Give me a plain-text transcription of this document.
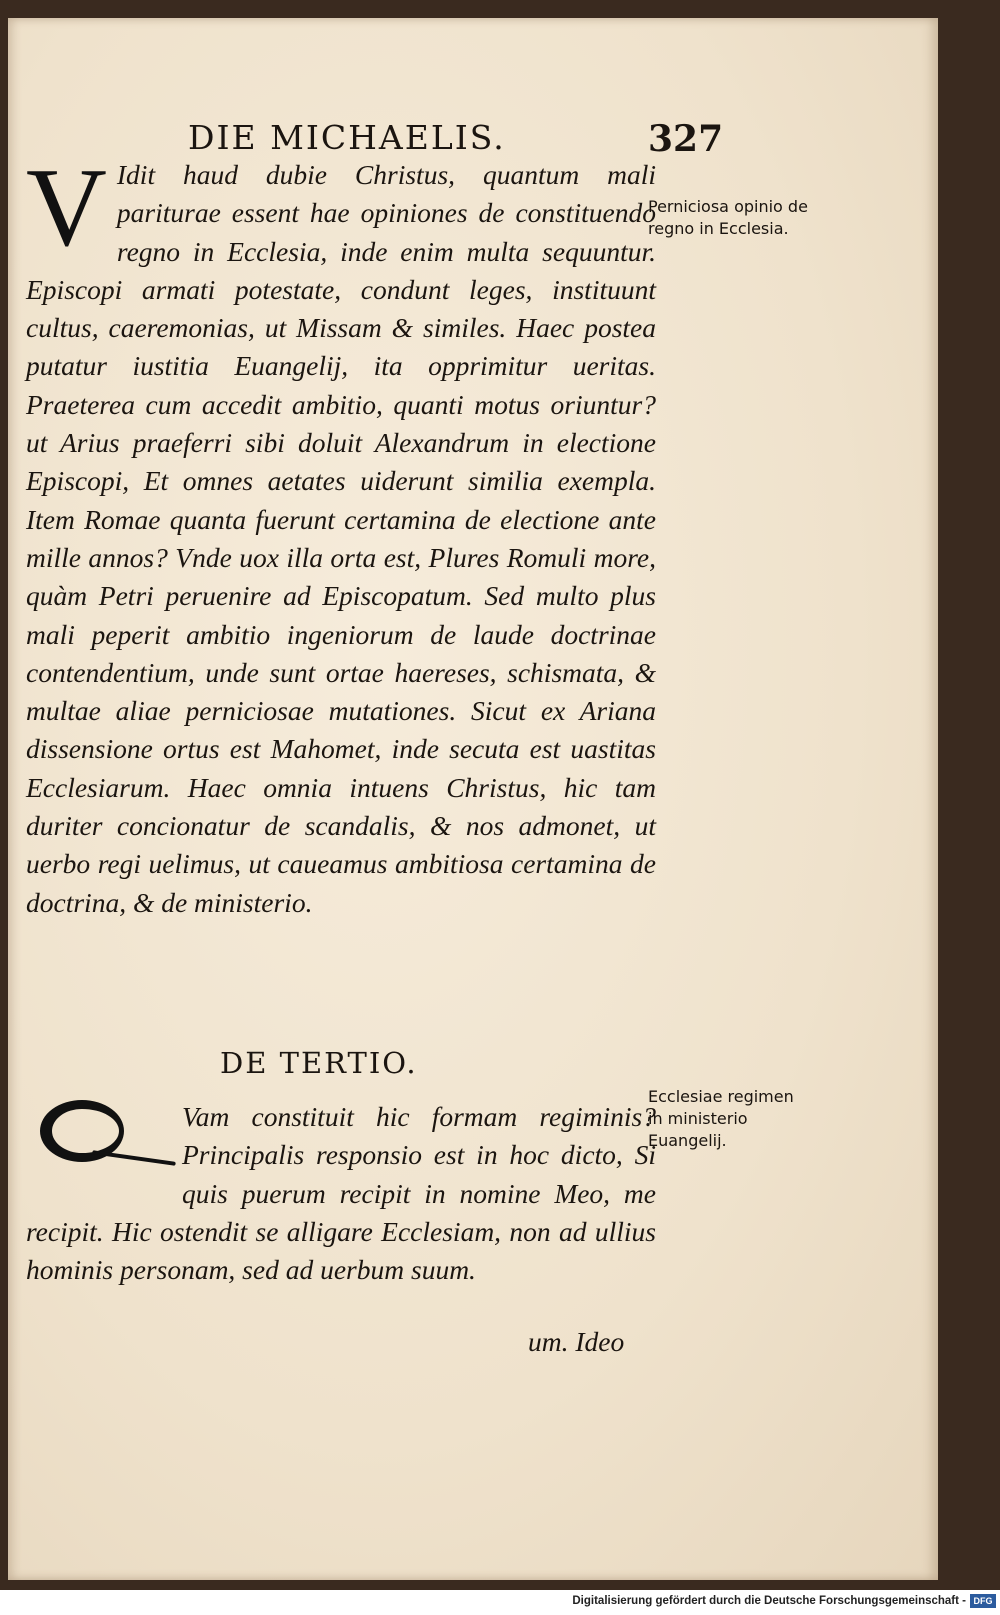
DIE MICHAELIS.	327
V Idit haud dubie Christus, quantum mali pariturae essent hae opiniones de constituendo regno in Ecclesia, inde enim multa sequuntur. Episcopi armati potestate, condunt leges, instituunt cultus, caeremonias, ut Missam & similes. Haec postea putatur iustitia Euangelij, ita opprimitur ueritas. Praeterea cum accedit ambitio, quanti motus oriuntur? ut Arius praeferri sibi doluit Alexandrum in electione Episcopi, Et omnes aetates uiderunt similia exempla. Item Romae quanta fuerunt certamina de electione ante mille annos? Vnde uox illa orta est, Plures Romuli more, quàm Petri peruenire ad Episcopatum. Sed multo plus mali peperit ambitio ingeniorum de laude doctrinae contendentium, unde sunt ortae haereses, schismata, & multae aliae perniciosae mutationes. Sicut ex Ariana dissensione ortus est Mahomet, inde secuta est uastitas Ecclesiarum. Haec omnia intuens Christus, hic tam duriter concionatur de scandalis, & nos admonet, ut uerbo regi uelimus, ut caueamus ambitiosa certamina de doctrina, & de ministerio.

DE TERTIO.

Vam constituit hic formam regiminis? Principalis responsio est in hoc dicto, Si quis puerum recipit in nomine Meo, me recipit. Hic ostendit se alligare Ecclesiam, non ad ullius hominis personam, sed ad uerbum suum.

um. Ideo
Perniciosa opinio de regno in Ecclesia.
Ecclesiae regimen in ministerio Euangelij.
Digitalisierung gefördert durch die Deutsche Forschungsgemeinschaft - DFG
